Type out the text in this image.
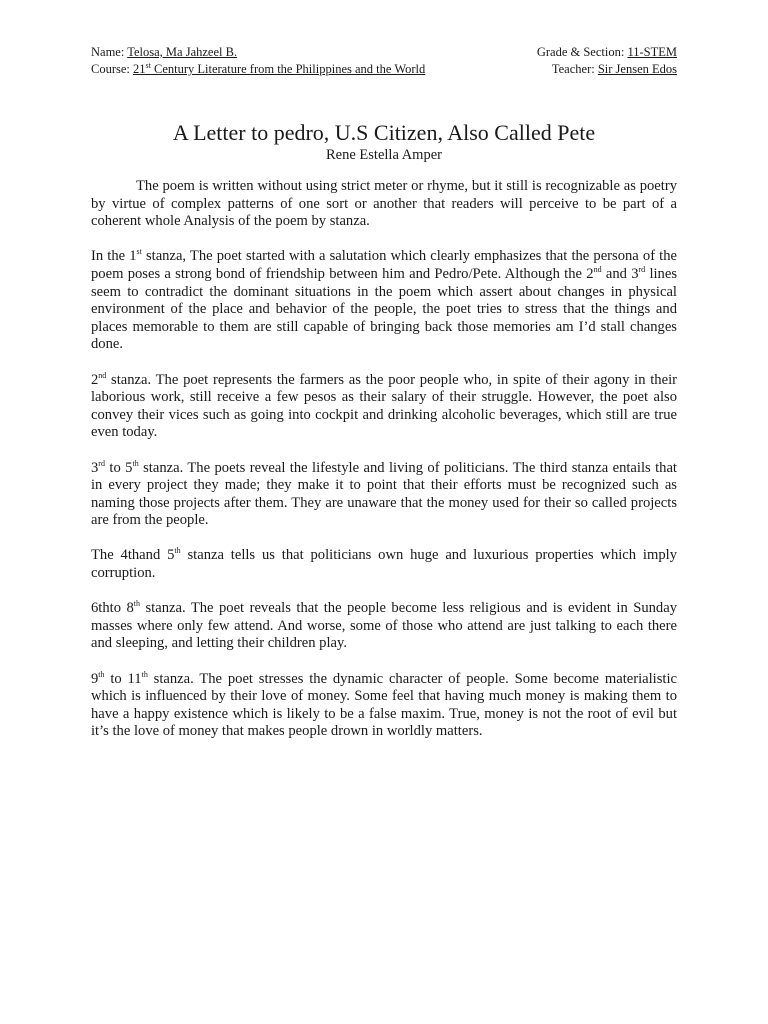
Name: Telosa, Ma Jahzeel B.	Grade & Section: 11-STEM
Course: 21st Century Literature from the Philippines and the World	Teacher: Sir Jensen Edos
A Letter to pedro, U.S Citizen, Also Called Pete
Rene Estella Amper

The poem is written without using strict meter or rhyme, but it still is recognizable as poetry by virtue of complex patterns of one sort or another that readers will perceive to be part of a coherent whole Analysis of the poem by stanza.

In the 1st stanza, The poet started with a salutation which clearly emphasizes that the persona of the poem poses a strong bond of friendship between him and Pedro/Pete. Although the 2nd and 3rd lines seem to contradict the dominant situations in the poem which assert about changes in physical environment of the place and behavior of the people, the poet tries to stress that the things and places memorable to them are still capable of bringing back those memories am I’d stall changes done.

2nd stanza. The poet represents the farmers as the poor people who, in spite of their agony in their laborious work, still receive a few pesos as their salary of their struggle. However, the poet also convey their vices such as going into cockpit and drinking alcoholic beverages, which still are true even today.

3rd to 5th stanza. The poets reveal the lifestyle and living of politicians. The third stanza entails that in every project they made; they make it to point that their efforts must be recognized such as naming those projects after them. They are unaware that the money used for their so called projects are from the people.

The 4thand 5th stanza tells us that politicians own huge and luxurious properties which imply corruption.

6thto 8th stanza. The poet reveals that the people become less religious and is evident in Sunday masses where only few attend. And worse, some of those who attend are just talking to each there and sleeping, and letting their children play.

9th to 11th stanza. The poet stresses the dynamic character of people. Some become materialistic which is influenced by their love of money. Some feel that having much money is making them to have a happy existence which is likely to be a false maxim. True, money is not the root of evil but it’s the love of money that makes people drown in worldly matters.
